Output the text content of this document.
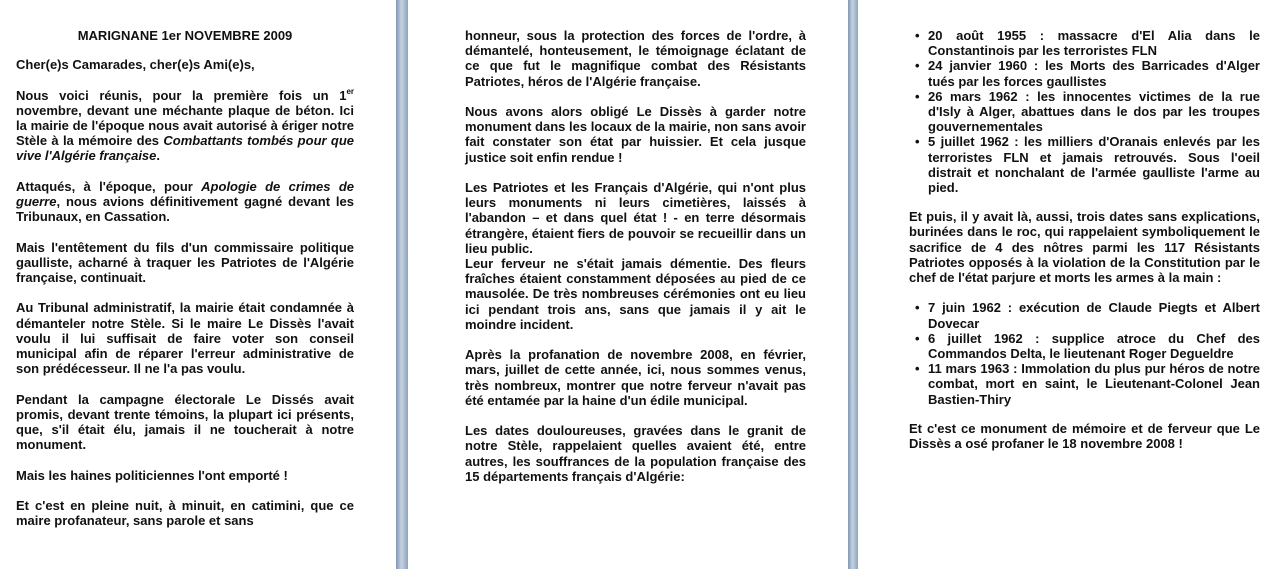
MARIGNANE 1er NOVEMBRE 2009

Cher(e)s Camarades, cher(e)s Ami(e)s,

Nous voici réunis, pour la première fois un 1er novembre, devant une méchante plaque de béton. Ici la mairie de l'époque nous avait autorisé à ériger notre Stèle à la mémoire des Combattants tombés pour que vive l'Algérie française.

Attaqués, à l'époque, pour Apologie de crimes de guerre, nous avions définitivement gagné devant les Tribunaux, en Cassation.

Mais l'entêtement du fils d'un commissaire politique gaulliste, acharné à traquer les Patriotes de l'Algérie française, continuait.

Au Tribunal administratif, la mairie était condamnée à démanteler notre Stèle. Si le maire Le Dissès l'avait voulu il lui suffisait de faire voter son conseil municipal afin de réparer l'erreur administrative de son prédécesseur. Il ne l'a pas voulu.

Pendant la campagne électorale Le Dissés avait promis, devant trente témoins, la plupart ici présents, que, s'il était élu, jamais il ne toucherait à notre monument.

Mais les haines politiciennes l'ont emporté !

Et c'est en pleine nuit, à minuit, en catimini, que ce maire profanateur, sans parole et sans

honneur, sous la protection des forces de l'ordre, à démantelé, honteusement, le témoignage éclatant de ce que fut le magnifique combat des Résistants Patriotes, héros de l'Algérie française.

Nous avons alors obligé Le Dissès à garder notre monument dans les locaux de la mairie, non sans avoir fait constater son état par huissier. Et cela jusque justice soit enfin rendue !

Les Patriotes et les Français d'Algérie, qui n'ont plus leurs monuments ni leurs cimetières, laissés à l'abandon – et dans quel état ! - en terre désormais étrangère, étaient fiers de pouvoir se recueillir dans un lieu public.

Leur ferveur ne s'était jamais démentie. Des fleurs fraîches étaient constamment déposées au pied de ce mausolée. De très nombreuses cérémonies ont eu lieu ici pendant trois ans, sans que jamais il y ait le moindre incident.

Après la profanation de novembre 2008, en février, mars, juillet de cette année, ici, nous sommes venus, très nombreux, montrer que notre ferveur n'avait pas été entamée par la haine d'un édile municipal.

Les dates douloureuses, gravées dans le granit de notre Stèle, rappelaient quelles avaient été, entre autres, les souffrances de la population française des 15 départements français d'Algérie:

• 20 août 1955 : massacre d'El Alia dans le Constantinois par les terroristes FLN
• 24 janvier 1960 : les Morts des Barricades d'Alger tués par les forces gaullistes
• 26 mars 1962 : les innocentes victimes de la rue d'Isly à Alger, abattues dans le dos par les troupes gouvernementales
• 5 juillet 1962 : les milliers d'Oranais enlevés par les terroristes FLN et jamais retrouvés. Sous l'oeil distrait et nonchalant de l'armée gaulliste l'arme au pied.

Et puis, il y avait là, aussi, trois dates sans explications, burinées dans le roc, qui rappelaient symboliquement le sacrifice de 4 des nôtres parmi les 117 Résistants Patriotes opposés à la violation de la Constitution par le chef de l'état parjure et morts les armes à la main :

• 7 juin 1962 : exécution de Claude Piegts et Albert Dovecar
• 6 juillet 1962 : supplice atroce du Chef des Commandos Delta, le lieutenant Roger Degueldre
• 11 mars 1963 : Immolation du plus pur héros de notre combat, mort en saint, le Lieutenant-Colonel Jean Bastien-Thiry

Et c'est ce monument de mémoire et de ferveur que Le Dissès a osé profaner le 18 novembre 2008 !
